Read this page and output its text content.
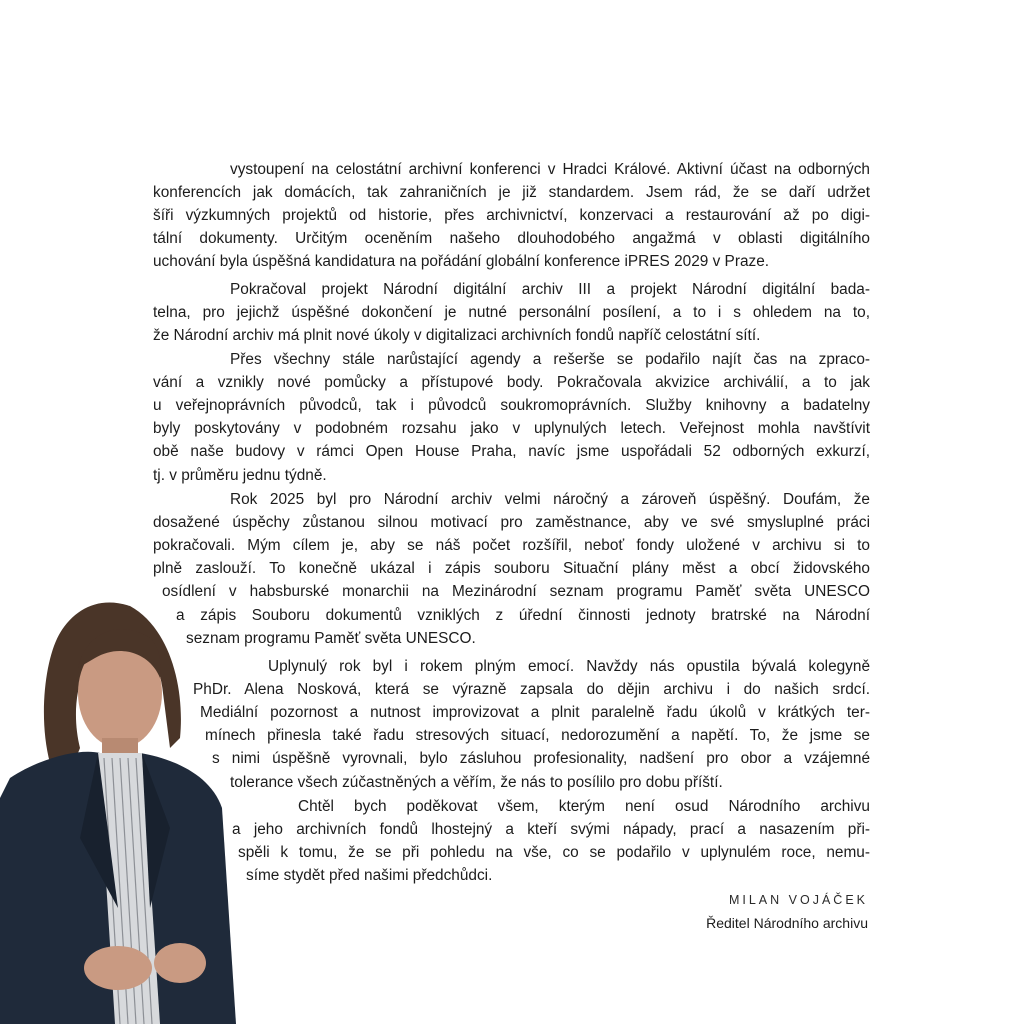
vystoupení na celostátní archivní konferenci v Hradci Králové. Aktivní účast na odborných
konferencích jak domácích, tak zahraničních je již standardem. Jsem rád, že se daří udržet
šíři výzkumných projektů od historie, přes archivnictví, konzervaci a restaurování až po digi-
tální dokumenty. Určitým oceněním našeho dlouhodobého angažmá v oblasti digitálního
uchování byla úspěšná kandidatura na pořádání globální konference iPRES 2029 v Praze.
Pokračoval projekt Národní digitální archiv III a projekt Národní digitální bada-
telna, pro jejichž úspěšné dokončení je nutné personální posílení, a to i s ohledem na to,
že Národní archiv má plnit nové úkoly v digitalizaci archivních fondů napříč celostátní sítí.
Přes všechny stále narůstající agendy a rešerše se podařilo najít čas na zpraco-
vání a vznikly nové pomůcky a přístupové body. Pokračovala akvizice archiválií, a to jak
u veřejnoprávních původců, tak i původců soukromoprávních. Služby knihovny a badatelny
byly poskytovány v podobném rozsahu jako v uplynulých letech. Veřejnost mohla navštívit
obě naše budovy v rámci Open House Praha, navíc jsme uspořádali 52 odborných exkurzí,
tj. v průměru jednu týdně.
Rok 2025 byl pro Národní archiv velmi náročný a zároveň úspěšný. Doufám, že
dosažené úspěchy zůstanou silnou motivací pro zaměstnance, aby ve své smysluplné práci
pokračovali. Mým cílem je, aby se náš počet rozšířil, neboť fondy uložené v archivu si to
plně zaslouží. To konečně ukázal i zápis souboru Situační plány měst a obcí židovského
osídlení v habsburské monarchii na Mezinárodní seznam programu Paměť světa UNESCO
a zápis Souboru dokumentů vzniklých z úřední činnosti jednoty bratrské na Národní
seznam programu Paměť světa UNESCO.
Uplynulý rok byl i rokem plným emocí. Navždy nás opustila bývalá kolegyně
PhDr. Alena Nosková, která se výrazně zapsala do dějin archivu i do našich srdcí.
Mediální pozornost a nutnost improvizovat a plnit paralelně řadu úkolů v krátkých ter-
mínech přinesla také řadu stresových situací, nedorozumění a napětí. To, že jsme se
s nimi úspěšně vyrovnali, bylo zásluhou profesionality, nadšení pro obor a vzájemné
tolerance všech zúčastněných a věřím, že nás to posílilo pro dobu příští.
Chtěl bych poděkovat všem, kterým není osud Národního archivu
a jeho archivních fondů lhostejný a kteří svými nápady, prací a nasazením při-
spěli k tomu, že se při pohledu na vše, co se podařilo v uplynulém roce, nemu-
síme stydět před našimi předchůdci.
MILAN VOJÁČEK
Ředitel Národního archivu
